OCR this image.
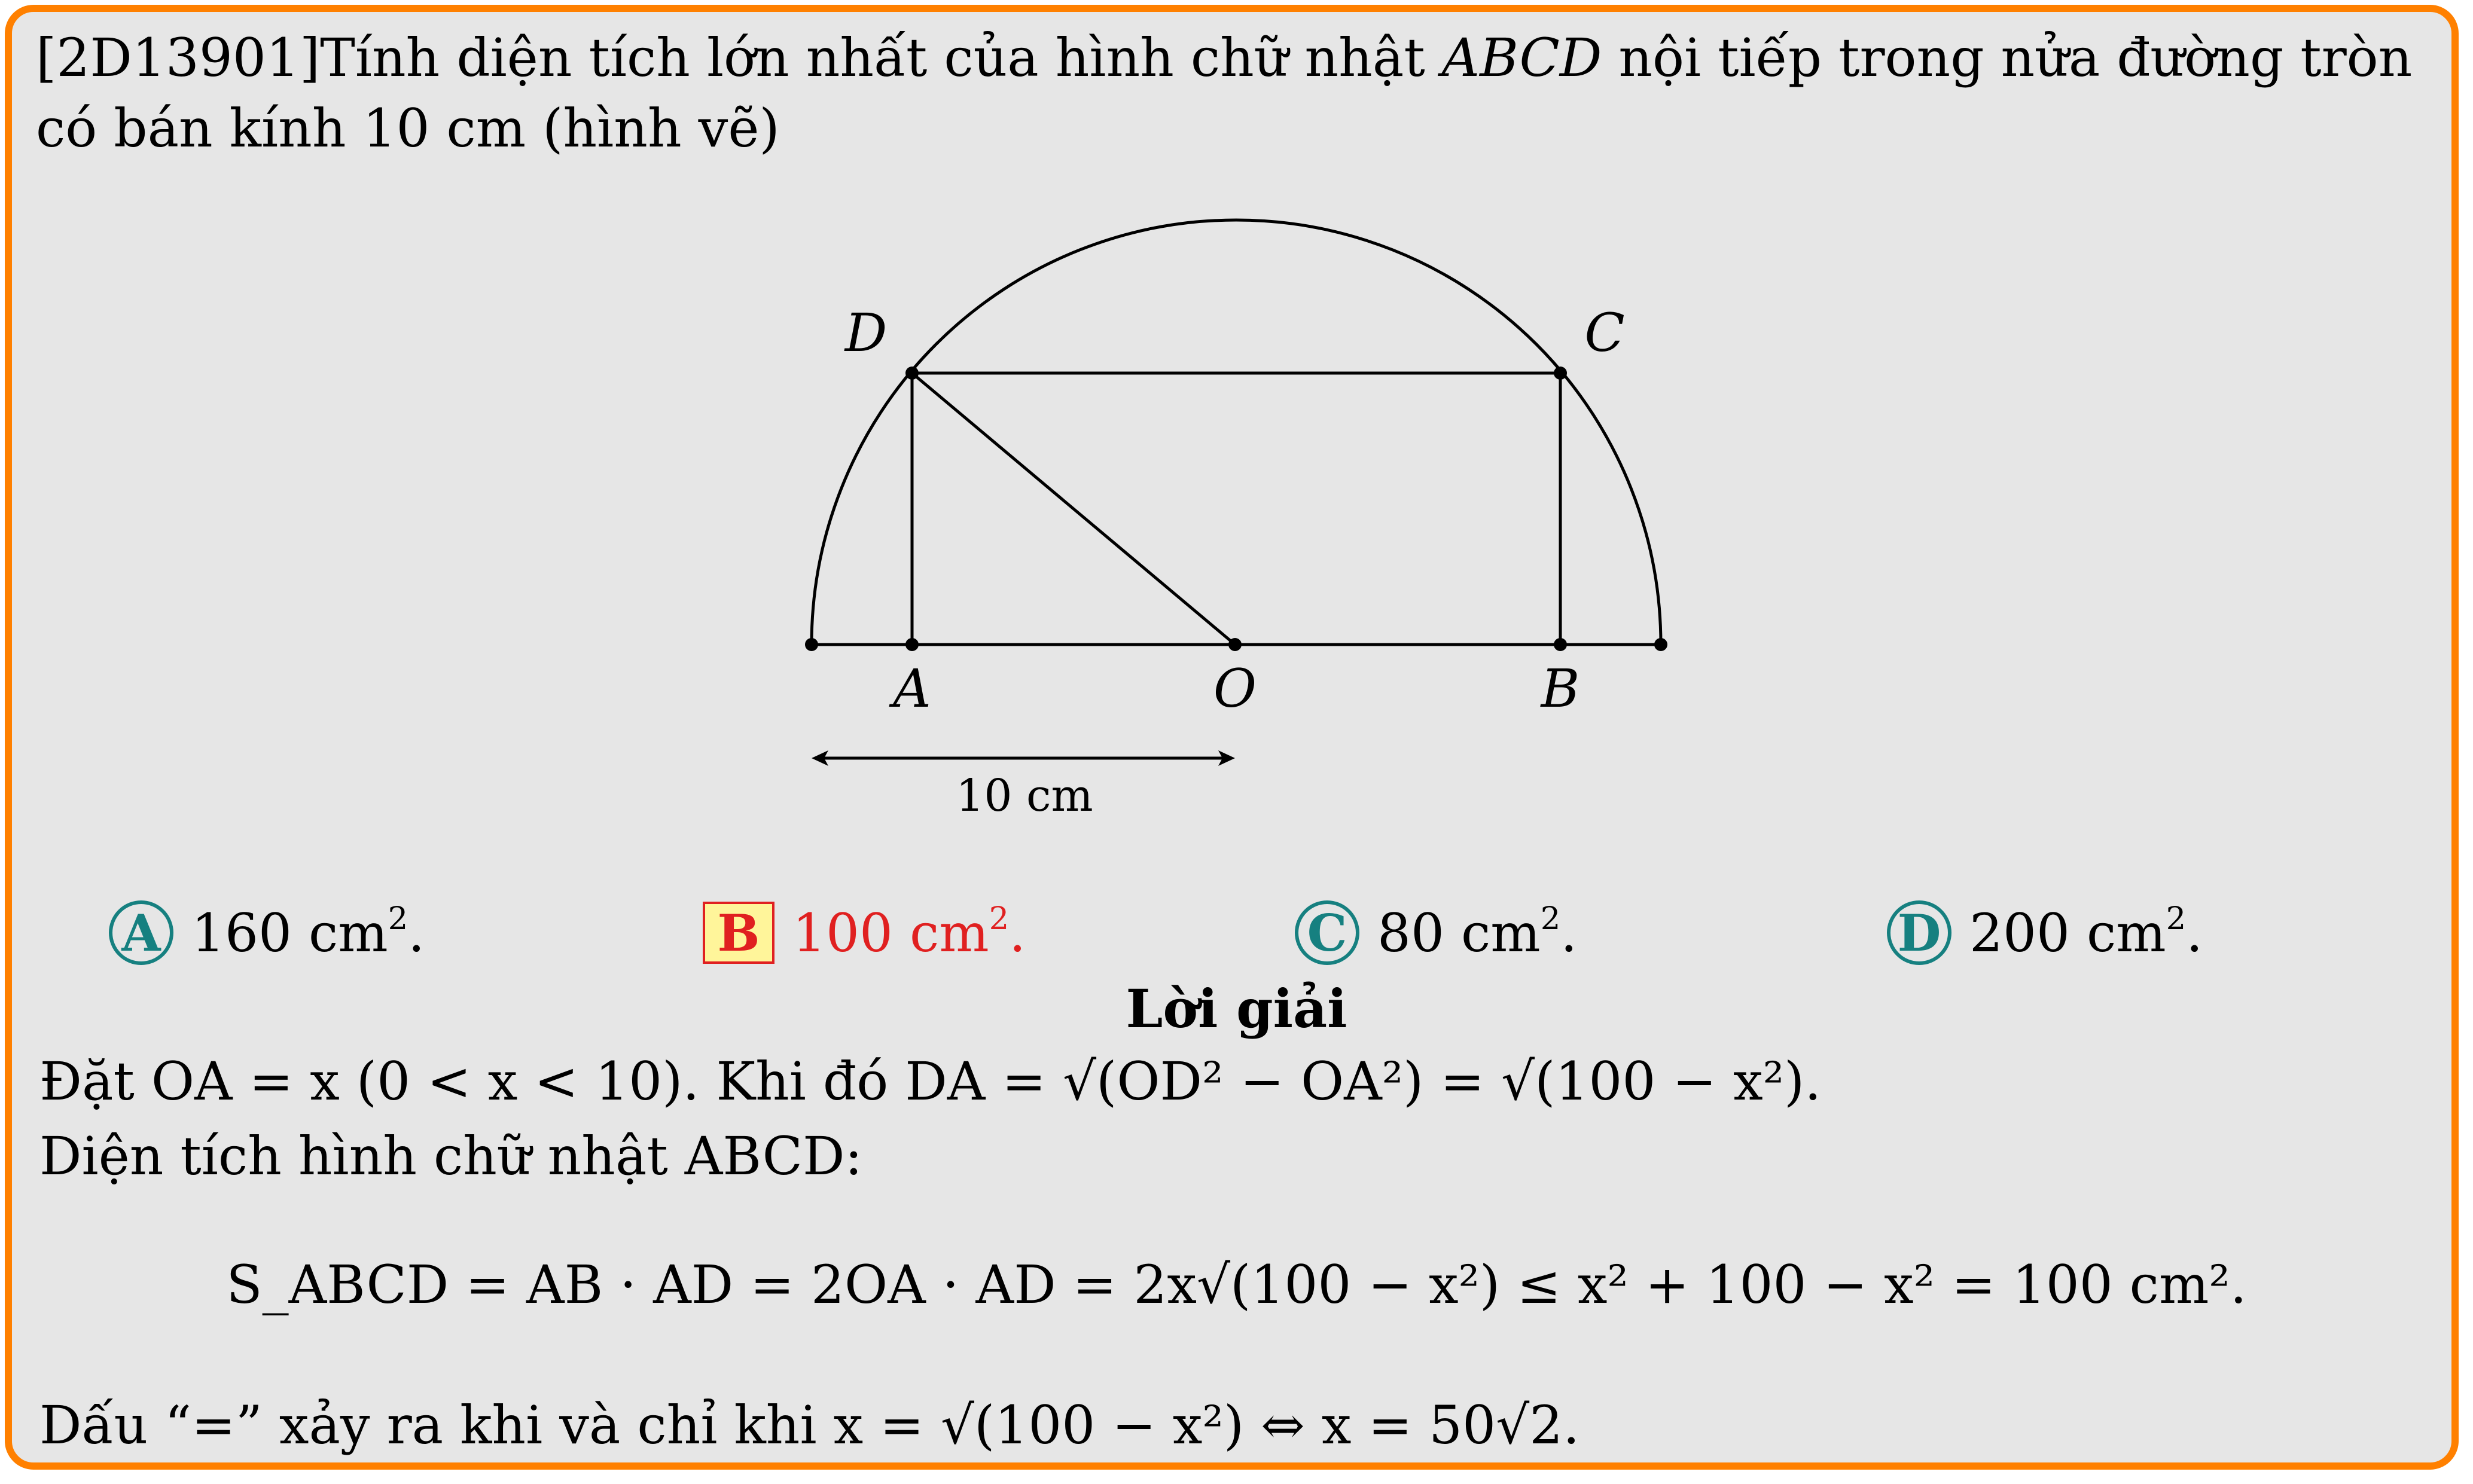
[2D13901]Tính diện tích lớn nhất của hình chữ nhật ABCD nội tiếp trong nửa đường tròn có bán kính 10 cm (hình vẽ)
D	C
A	O	B
10 cm
A 160 $cm^2$.	B 100 $cm^2$.	C 80 $cm^2$.	D 200 $cm^2$.
Lời giải
Đặt OA = x (0 < x < 10). Khi đó DA = √(OD² − OA²) = √(100 − x²).
Diện tích hình chữ nhật ABCD:
S_ABCD = AB · AD = 2OA · AD = 2x√(100 − x²) ≤ x² + 100 − x² = 100 cm².
Dấu “=” xảy ra khi và chỉ khi x = √(100 − x²) ⇔ x = 50√2.
